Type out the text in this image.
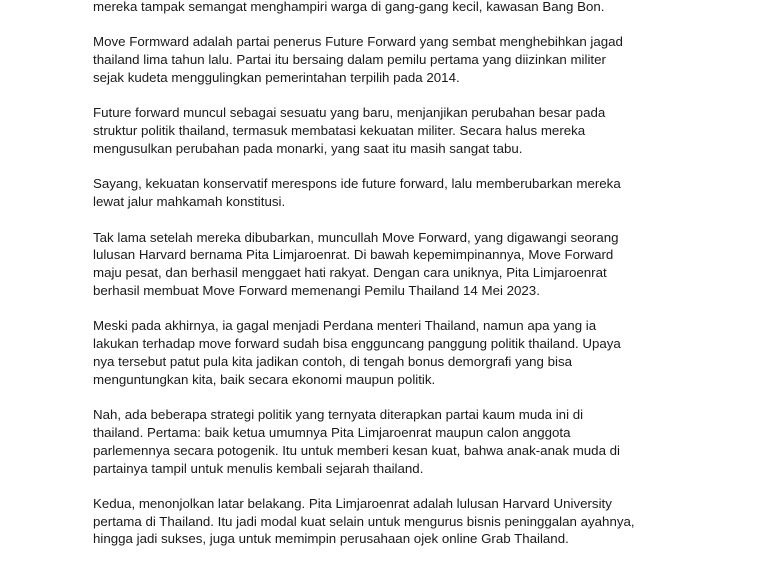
mereka tampak semangat menghampiri warga di gang-gang kecil, kawasan Bang Bon.

Move Formward adalah partai penerus Future Forward yang sembat menghebihkan jagad
thailand lima tahun lalu. Partai itu bersaing dalam pemilu pertama yang diizinkan militer
sejak kudeta menggulingkan pemerintahan terpilih pada 2014.

Future forward muncul sebagai sesuatu yang baru, menjanjikan perubahan besar pada
struktur politik thailand, termasuk membatasi kekuatan militer. Secara halus mereka
mengusulkan perubahan pada monarki, yang saat itu masih sangat tabu.

Sayang, kekuatan konservatif merespons ide future forward, lalu memberubarkan mereka
lewat jalur mahkamah konstitusi.

Tak lama setelah mereka dibubarkan, muncullah Move Forward, yang digawangi seorang
lulusan Harvard bernama Pita Limjaroenrat. Di bawah kepemimpinannya, Move Forward
maju pesat, dan berhasil menggaet hati rakyat. Dengan cara uniknya, Pita Limjaroenrat
berhasil membuat Move Forward memenangi Pemilu Thailand 14 Mei 2023.

Meski pada akhirnya, ia gagal menjadi Perdana menteri Thailand, namun apa yang ia
lakukan terhadap move forward sudah bisa engguncang panggung politik thailand. Upaya
nya tersebut patut pula kita jadikan contoh, di tengah bonus demorgrafi yang bisa
menguntungkan kita, baik secara ekonomi maupun politik.

Nah, ada beberapa strategi politik yang ternyata diterapkan partai kaum muda ini di
thailand. Pertama: baik ketua umumnya Pita Limjaroenrat maupun calon anggota
parlemennya secara potogenik. Itu untuk memberi kesan kuat, bahwa anak-anak muda di
partainya tampil untuk menulis kembali sejarah thailand.

Kedua, menonjolkan latar belakang. Pita Limjaroenrat adalah lulusan Harvard University
pertama di Thailand. Itu jadi modal kuat selain untuk mengurus bisnis peninggalan ayahnya,
hingga jadi sukses, juga untuk memimpin perusahaan ojek online Grab Thailand.
